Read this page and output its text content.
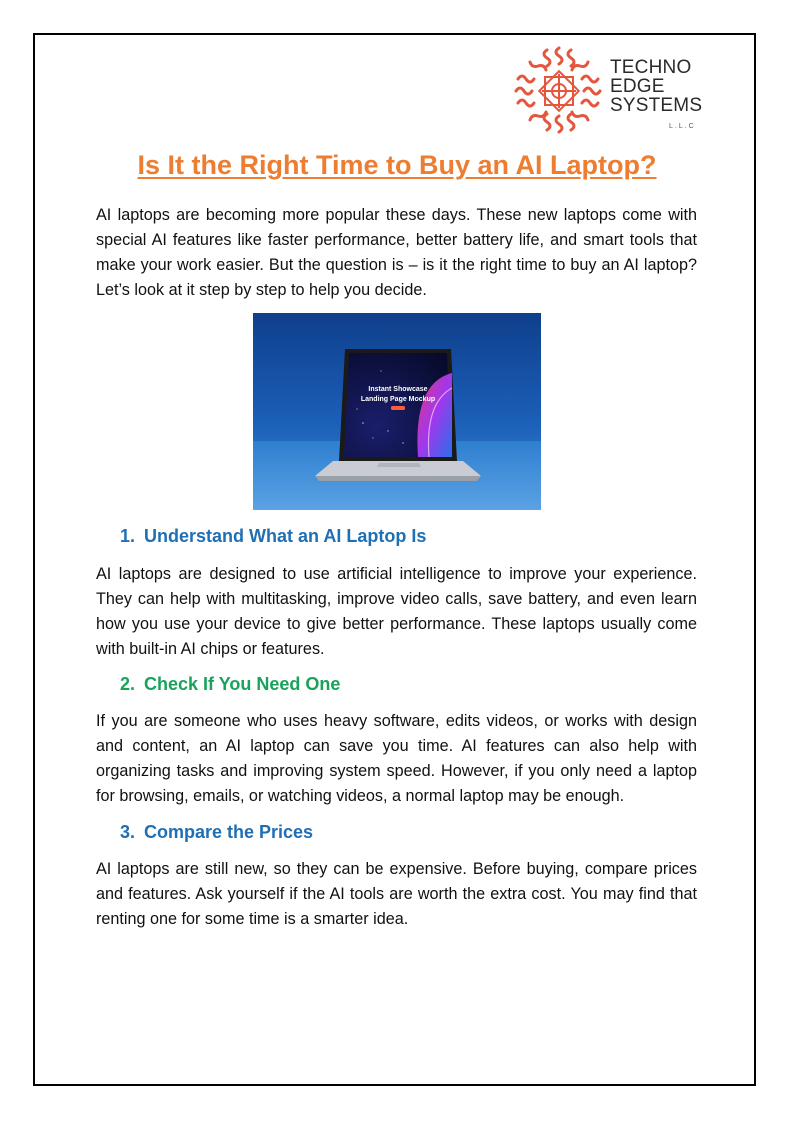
TECHNO
EDGE
SYSTEMS
L.L.C
Is It the Right Time to Buy an AI Laptop?

AI laptops are becoming more popular these days. These new laptops come with special AI features like faster performance, better battery life, and smart tools that make your work easier. But the question is – is it the right time to buy an AI laptop? Let’s look at it step by step to help you decide.

Instant Showcase
Landing Page Mockup
1. Understand What an AI Laptop Is

AI laptops are designed to use artificial intelligence to improve your experience. They can help with multitasking, improve video calls, save battery, and even learn how you use your device to give better performance. These laptops usually come with built-in AI chips or features.

2. Check If You Need One

If you are someone who uses heavy software, edits videos, or works with design and content, an AI laptop can save you time. AI features can also help with organizing tasks and improving system speed. However, if you only need a laptop for browsing, emails, or watching videos, a normal laptop may be enough.

3. Compare the Prices

AI laptops are still new, so they can be expensive. Before buying, compare prices and features. Ask yourself if the AI tools are worth the extra cost. You may find that renting one for some time is a smarter idea.
